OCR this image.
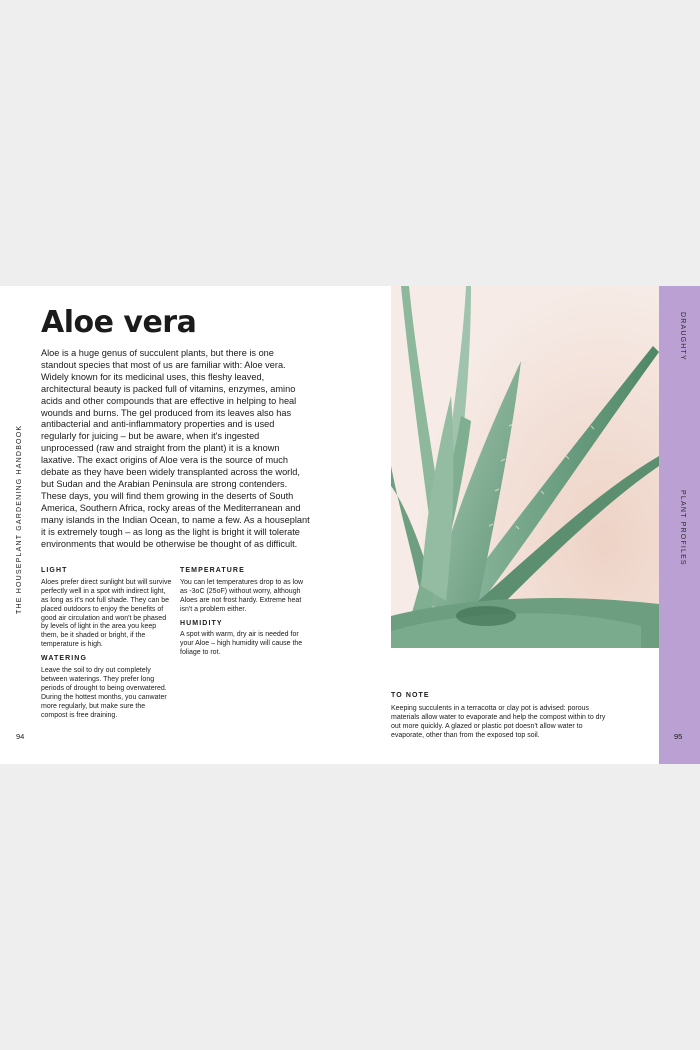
THE HOUSEPLANT GARDENING HANDBOOK
Aloe vera

Aloe is a huge genus of succulent plants, but there is one standout species that most of us are familiar with: Aloe vera. Widely known for its medicinal uses, this fleshy leaved, architectural beauty is packed full of vitamins, enzymes, amino acids and other compounds that are effective in helping to heal wounds and burns. The gel produced from its leaves also has antibacterial and anti-inflammatory properties and is used regularly for juicing – but be aware, when it's ingested unprocessed (raw and straight from the plant) it is a known laxative. The exact origins of Aloe vera is the source of much debate as they have been widely transplanted across the world, but Sudan and the Arabian Peninsula are strong contenders. These days, you will find them growing in the deserts of South America, Southern Africa, rocky areas of the Mediterranean and many islands in the Indian Ocean, to name a few. As a houseplant it is extremely tough – as long as the light is bright it will tolerate environments that would be otherwise be thought of as difficult.

LIGHT

Aloes prefer direct sunlight but will survive perfectly well in a spot with indirect light, as long as it's not full shade. They can be placed outdoors to enjoy the benefits of good air circulation and won't be phased by levels of light in the area you keep them, be it shaded or bright, if the temperature is high.

WATERING

Leave the soil to dry out completely between waterings. They prefer long periods of drought to being overwatered. During the hottest months, you canwater more regularly, but make sure the compost is free draining.

TEMPERATURE

You can let temperatures drop to as low as -3oC (25oF) without worry, although Aloes are not frost hardy. Extreme heat isn't a problem either.

HUMIDITY

A spot with warm, dry air is needed for your Aloe – high humidity will cause the foliage to rot.

94
DRAUGHTY
PLANT PROFILES
TO NOTE

Keeping succulents in a terracotta or clay pot is advised: porous materials allow water to evaporate and help the compost within to dry out more quickly. A glazed or plastic pot doesn't allow water to evaporate, other than from the exposed top soil.	95
